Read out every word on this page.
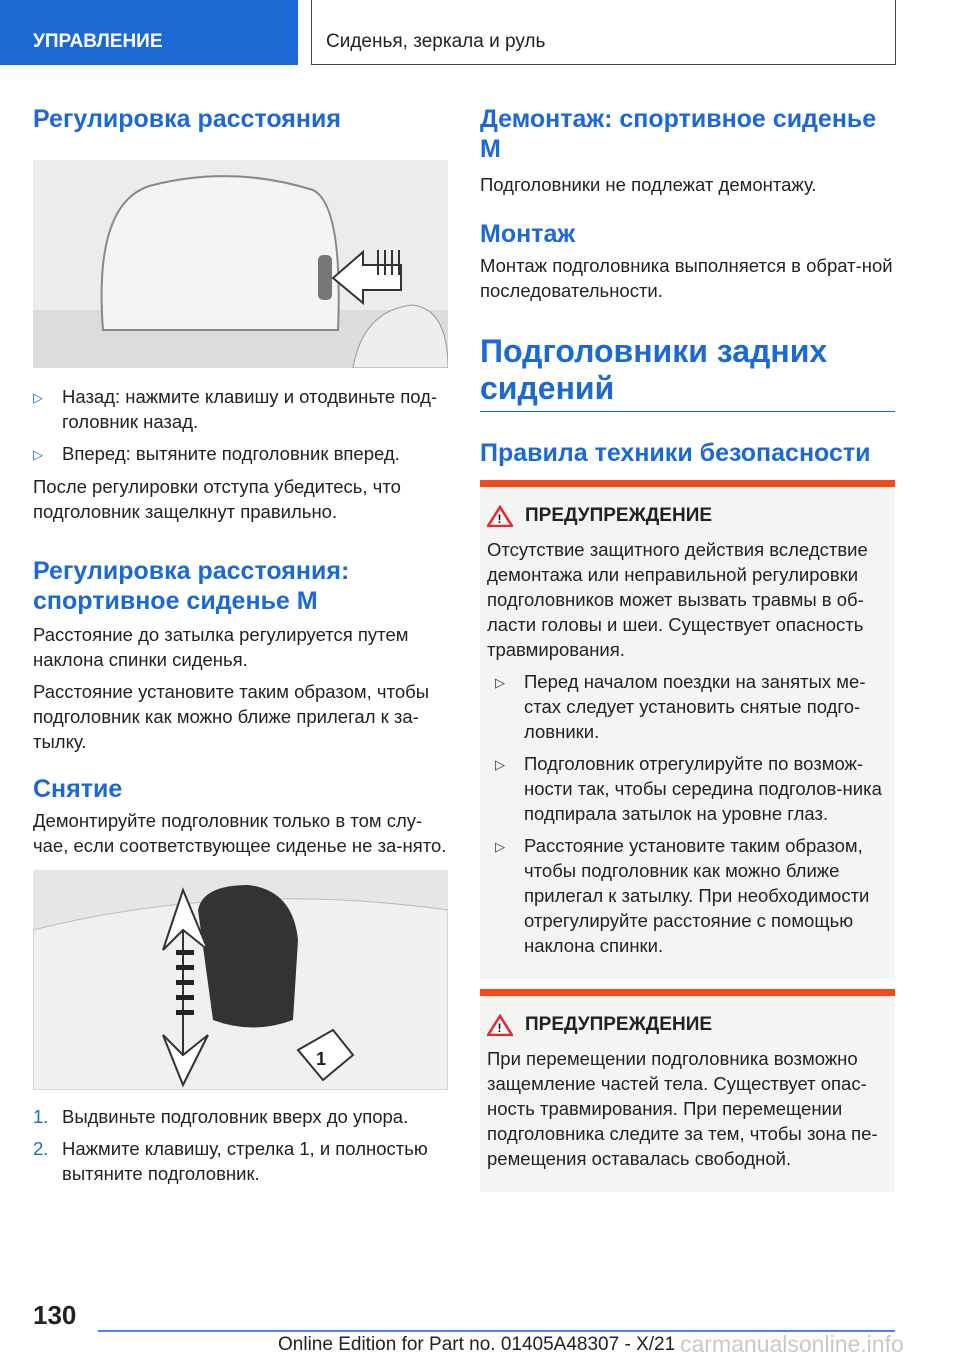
УПРАВЛЕНИЕ	Сиденья, зеркала и руль
Регулировка расстояния
▷	Назад: нажмите клавишу и отодвиньте под-головник назад.
▷	Вперед: вытяните подголовник вперед.

После регулировки отступа убедитесь, что подголовник защелкнут правильно.

Регулировка расстояния: спортивное сиденье M

Расстояние до затылка регулируется путем наклона спинки сиденья.

Расстояние установите таким образом, чтобы подголовник как можно ближе прилегал к за-тылку.

Снятие

Демонтируйте подголовник только в том слу-чае, если соответствующее сиденье не за-нято.

1
1. Выдвиньте подголовник вверх до упора.
2. Нажмите клавишу, стрелка 1, и полностью вытяните подголовник.
Демонтаж: спортивное сиденье M

Подголовники не подлежат демонтажу.

Монтаж

Монтаж подголовника выполняется в обрат-ной последовательности.

Подголовники задних сидений
Правила техники безопасности
! ПРЕДУПРЕЖДЕНИЕ

Отсутствие защитного действия вследствие демонтажа или неправильной регулировки подголовников может вызвать травмы в об-ласти головы и шеи. Существует опасность травмирования.

▷	Перед началом поездки на занятых ме-стах следует установить снятые подго-ловники.
▷	Подголовник отрегулируйте по возмож-ности так, чтобы середина подголов-ника подпирала затылок на уровне глаз.
▷	Расстояние установите таким образом, чтобы подголовник как можно ближе прилегал к затылку. При необходимости отрегулируйте расстояние с помощью наклона спинки.
! ПРЕДУПРЕЖДЕНИЕ

При перемещении подголовника возможно защемление частей тела. Существует опас-ность травмирования. При перемещении подголовника следите за тем, чтобы зона пе-ремещения оставалась свободной.

130
Online Edition for Part no. 01405A48307 - X/21 carmanualsonline.info
